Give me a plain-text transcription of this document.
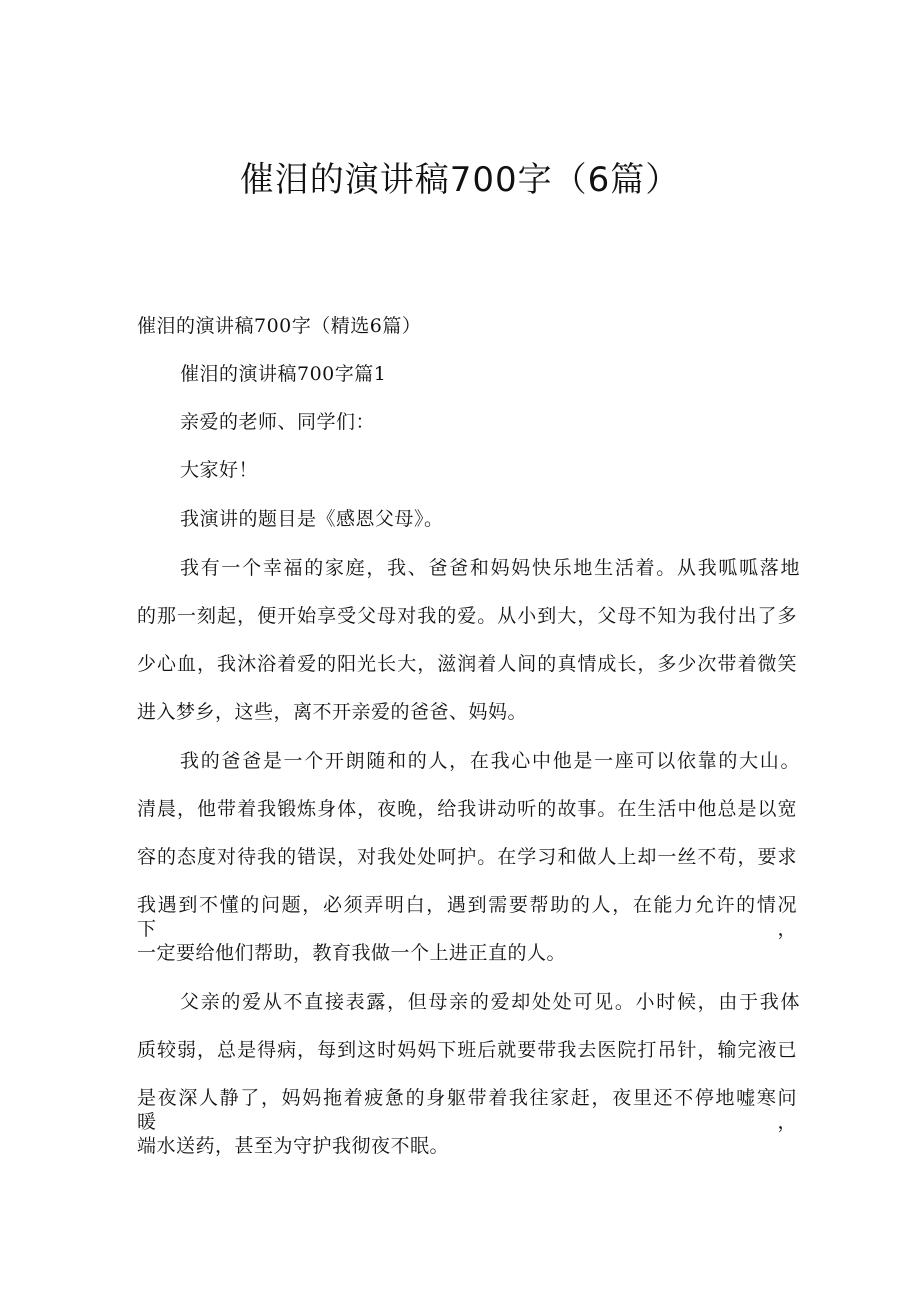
催泪的演讲稿700字（6篇）
催泪的演讲稿700字（精选6篇）
催泪的演讲稿700字篇1
亲爱的老师、同学们：
大家好！
我演讲的题目是《感恩父母》。
我有一个幸福的家庭，我、爸爸和妈妈快乐地生活着。从我呱呱落地
的那一刻起，便开始享受父母对我的爱。从小到大，父母不知为我付出了多
少心血，我沐浴着爱的阳光长大，滋润着人间的真情成长，多少次带着微笑
进入梦乡，这些，离不开亲爱的爸爸、妈妈。
我的爸爸是一个开朗随和的人，在我心中他是一座可以依靠的大山。
清晨，他带着我锻炼身体，夜晚，给我讲动听的故事。在生活中他总是以宽
容的态度对待我的错误，对我处处呵护。在学习和做人上却一丝不苟，要求
我遇到不懂的问题，必须弄明白，遇到需要帮助的人，在能力允许的情况下，
一定要给他们帮助，教育我做一个上进正直的人。
父亲的爱从不直接表露，但母亲的爱却处处可见。小时候，由于我体
质较弱，总是得病，每到这时妈妈下班后就要带我去医院打吊针，输完液已
是夜深人静了，妈妈拖着疲惫的身躯带着我往家赶，夜里还不停地嘘寒问暖，
端水送药，甚至为守护我彻夜不眠。
